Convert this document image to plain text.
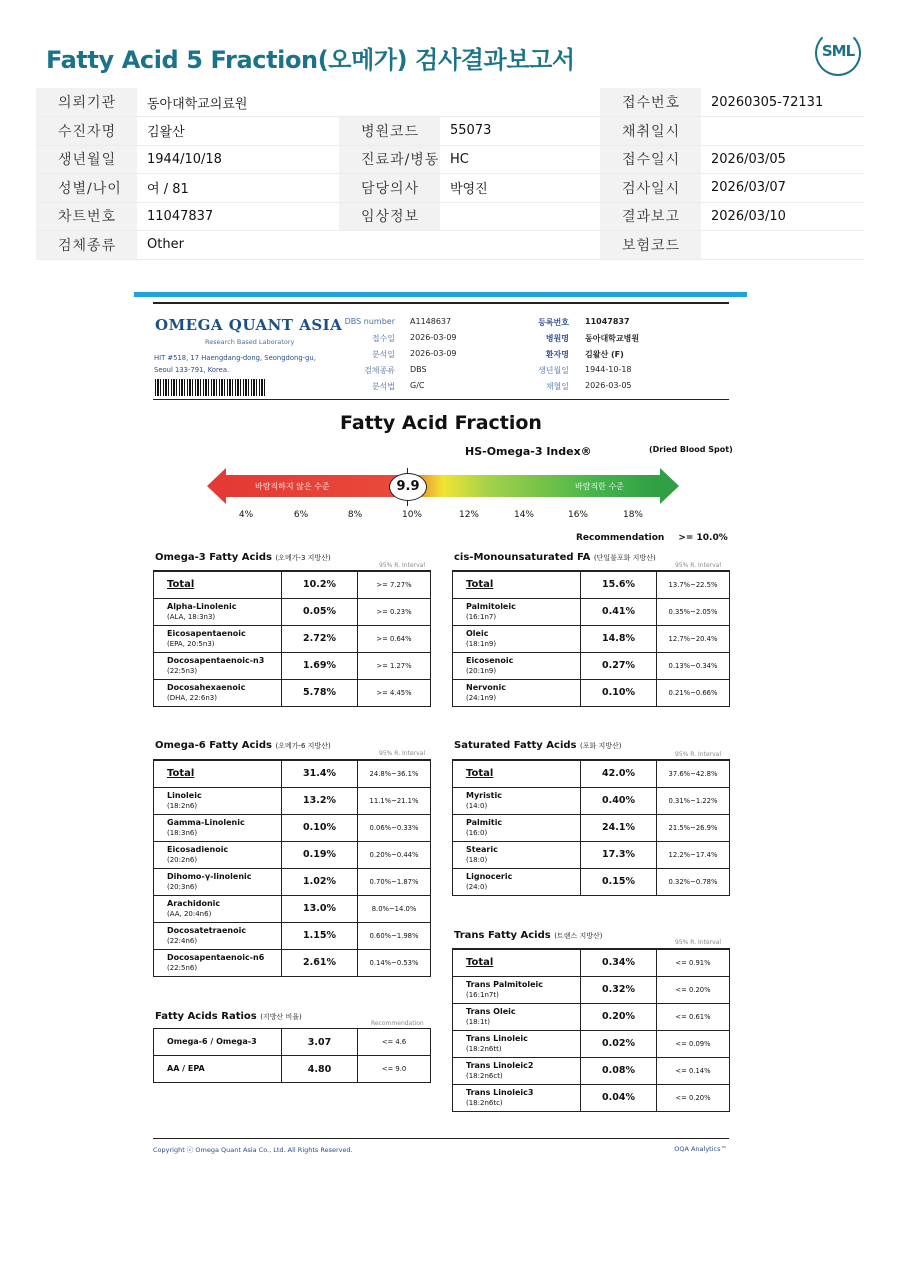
Fatty Acid 5 Fraction(오메가) 검사결과보고서	SML
의뢰기관	동아대학교의료원			접수번호	20260305-72131
수진자명	김왈산	병원코드	55073	채취일시	
생년월일	1944/10/18	진료과/병동	HC	접수일시	2026/03/05
성별/나이	여 / 81	담당의사	박영진	검사일시	2026/03/07
차트번호	11047837	임상정보		결과보고	2026/03/10
검체종류	Other			보험코드	
OMEGA QUANT ASIA
Research Based Laboratory
HIT #518, 17 Haengdang-dong, Seongdong-gu, Seoul 133-791, Korea.
DBS number A1148637
접수일 2026-03-09
분석일 2026-03-09
검체종류 DBS
분석법 G/C
등록번호 11047837
병원명 동아대학교병원
환자명 김왈산 (F)
생년월일 1944-10-18
채혈일 2026-03-05
Fatty Acid Fraction
HS-Omega-3 Index®	(Dried Blood Spot)
바람직하지 않은 수준	바람직한 수준
9.9
4%	6%	8%	10%	12%	14%	16%	18%
Recommendation >= 10.0%
Omega-3 Fatty Acids (오메가-3 지방산)
95% R. Interval
Total	10.2%	>= 7.27%
Alpha-Linolenic
(ALA, 18:3n3)	0.05%	>= 0.23%
Eicosapentaenoic
(EPA, 20:5n3)	2.72%	>= 0.64%
Docosapentaenoic-n3
(22:5n3)	1.69%	>= 1.27%
Docosahexaenoic
(DHA, 22:6n3)	5.78%	>= 4.45%
cis-Monounsaturated FA (단일불포화 지방산)
95% R. Interval
Total	15.6%	13.7%~22.5%
Palmitoleic
(16:1n7)	0.41%	0.35%~2.05%
Oleic
(18:1n9)	14.8%	12.7%~20.4%
Eicosenoic
(20:1n9)	0.27%	0.13%~0.34%
Nervonic
(24:1n9)	0.10%	0.21%~0.66%
Omega-6 Fatty Acids (오메가-6 지방산)
95% R. Interval
Total	31.4%	24.8%~36.1%
Linoleic
(18:2n6)	13.2%	11.1%~21.1%
Gamma-Linolenic
(18:3n6)	0.10%	0.06%~0.33%
Eicosadienoic
(20:2n6)	0.19%	0.20%~0.44%
Dihomo-γ-linolenic
(20:3n6)	1.02%	0.70%~1.87%
Arachidonic
(AA, 20:4n6)	13.0%	8.0%~14.0%
Docosatetraenoic
(22:4n6)	1.15%	0.60%~1.98%
Docosapentaenoic-n6
(22:5n6)	2.61%	0.14%~0.53%
Saturated Fatty Acids (포화 지방산)
95% R. Interval
Total	42.0%	37.6%~42.8%
Myristic
(14:0)	0.40%	0.31%~1.22%
Palmitic
(16:0)	24.1%	21.5%~26.9%
Stearic
(18:0)	17.3%	12.2%~17.4%
Lignoceric
(24:0)	0.15%	0.32%~0.78%
Trans Fatty Acids (트랜스 지방산)
95% R. Interval
Total	0.34%	<= 0.91%
Trans Palmitoleic
(16:1n7t)	0.32%	<= 0.20%
Trans Oleic
(18:1t)	0.20%	<= 0.61%
Trans Linoleic
(18:2n6tt)	0.02%	<= 0.09%
Trans Linoleic2
(18:2n6ct)	0.08%	<= 0.14%
Trans Linoleic3
(18:2n6tc)	0.04%	<= 0.20%
Fatty Acids Ratios (지방산 비율)
Recommendation
Omega-6 / Omega-3	3.07	<= 4.6
AA / EPA	4.80	<= 9.0
Copyright ⓒ Omega Quant Asia Co., Ltd. All Rights Reserved.	OQA Analytics™
